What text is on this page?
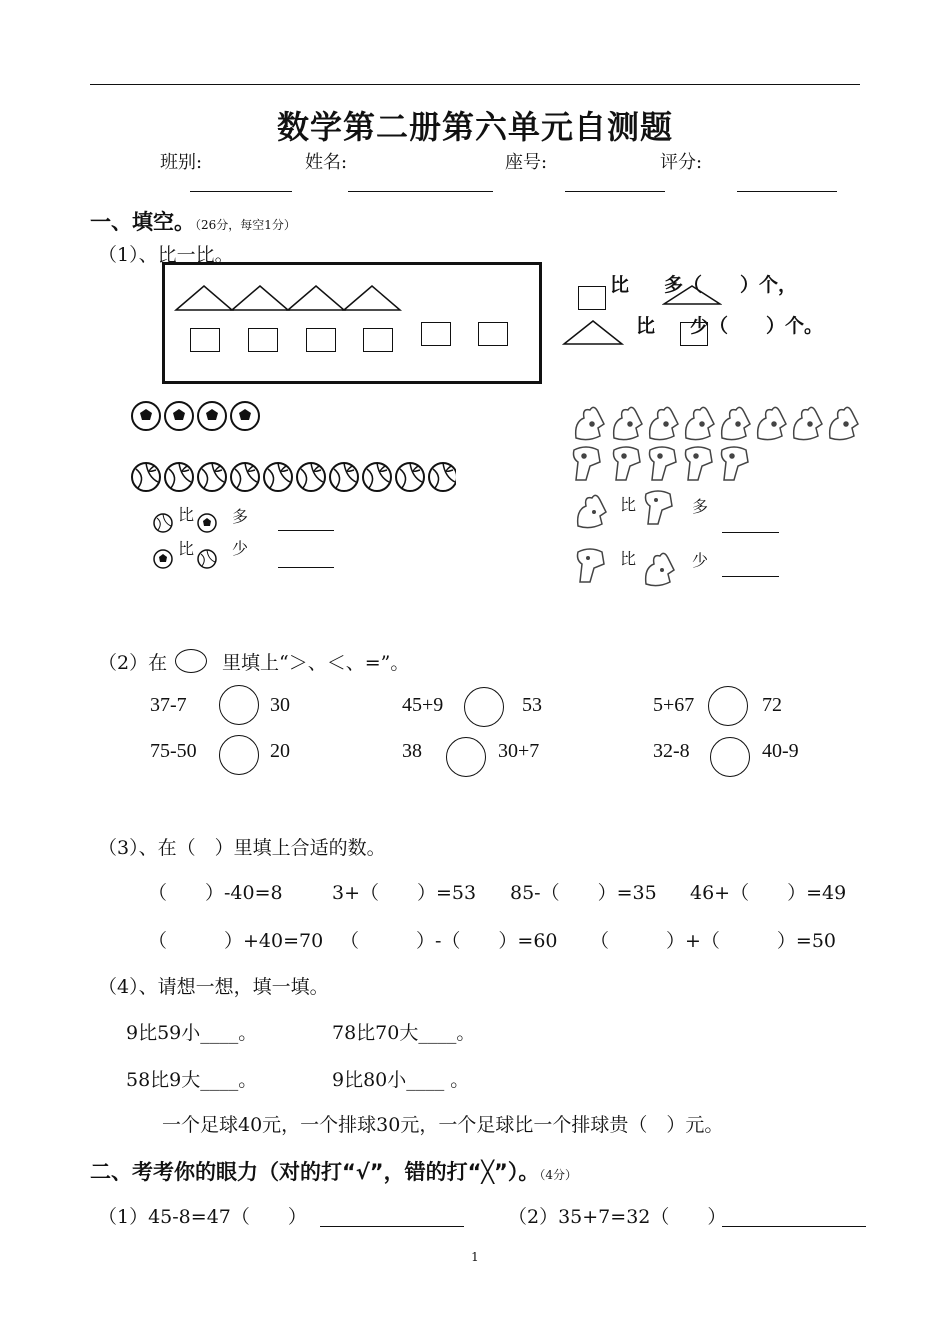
数学第二册第六单元自测题
班别:	姓名:	座号:	评分:
一、填空。（26分，每空1分）
（1）、比一比。
比 多（　　）个，
比 少（　　）个。
比 多
比 少
比	多
比	少
（2）在	里填上“＞、＜、=”。
37-7	30	45+9	53	5+67	72
75-50	20	38	30+7	32-8	40-9
（3）、在（　）里填上合适的数。
（　　）-40=8	3+（　　）=53 85-（　　）=35 46+（　　）=49
（　　　）+40=70 （　　　）-（　　）=60 （　　　）+（　　　）=50
（4）、请想一想，填一填。
9比59小____。	78比70大____。
58比9大____。	9比80小____ 。
一个足球40元，一个排球30元，一个足球比一个排球贵（　）元。
二、考考你的眼力（对的打“√”，错的打“╳”）。（4分）
（1）45-8=47（　　）	（2）35+7=32（　　）
1
